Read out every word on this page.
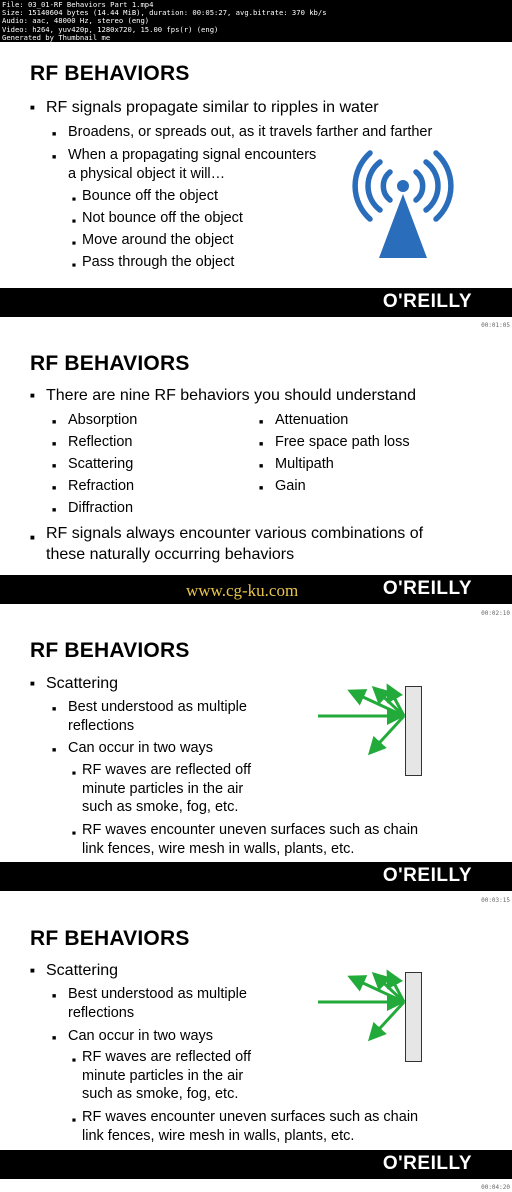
File: 03_01-RF Behaviors Part 1.mp4
Size: 15140604 bytes (14.44 MiB), duration: 00:05:27, avg.bitrate: 370 kb/s
Audio: aac, 48000 Hz, stereo (eng)
Video: h264, yuv420p, 1280x720, 15.00 fps(r) (eng)
Generated by Thumbnail me
RF BEHAVIORS
■ RF signals propagate similar to ripples in water
■ Broadens, or spreads out, as it travels farther and farther
■ When a propagating signal encounters
a physical object it will…
■ Bounce off the object
■ Not bounce off the object
■ Move around the object
■ Pass through the object
O'REILLY
00:01:05
RF BEHAVIORS
■ There are nine RF behaviors you should understand
■ Absorption
■ Reflection
■ Scattering
■ Refraction
■ Diffraction
■ Attenuation
■ Free space path loss
■ Multipath
■ Gain
■ RF signals always encounter various combinations of
these naturally occurring behaviors
O'REILLY
00:02:10
www.cg-ku.com
RF BEHAVIORS
■ Scattering
■ Best understood as multiple
reflections
■ Can occur in two ways
■ RF waves are reflected off
minute particles in the air
such as smoke, fog, etc.
■ RF waves encounter uneven surfaces such as chain
link fences, wire mesh in walls, plants, etc.
O'REILLY
00:03:15
RF BEHAVIORS
■ Scattering
■ Best understood as multiple
reflections
■ Can occur in two ways
■ RF waves are reflected off
minute particles in the air
such as smoke, fog, etc.
■ RF waves encounter uneven surfaces such as chain
link fences, wire mesh in walls, plants, etc.
O'REILLY
00:04:20
